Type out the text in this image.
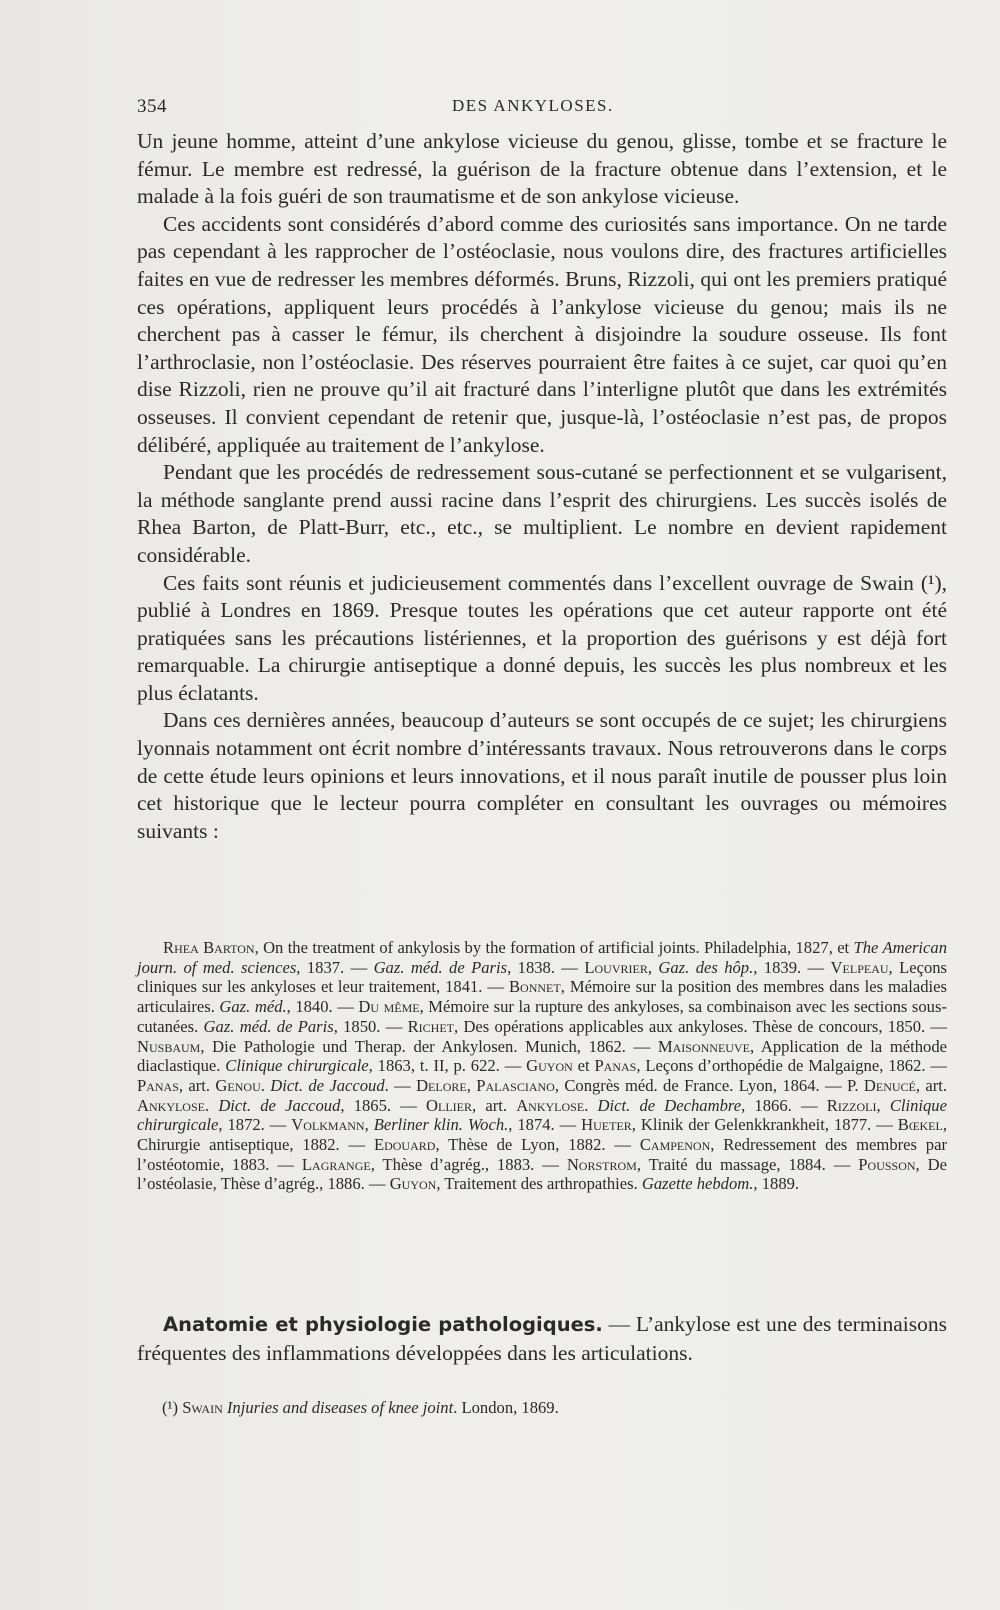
354	DES ANKYLOSES.

Un jeune homme, atteint d’une ankylose vicieuse du genou, glisse, tombe et se fracture le fémur. Le membre est redressé, la guérison de la fracture obtenue dans l’extension, et le malade à la fois guéri de son traumatisme et de son ankylose vicieuse.

Ces accidents sont considérés d’abord comme des curiosités sans importance. On ne tarde pas cependant à les rapprocher de l’ostéoclasie, nous voulons dire, des fractures artificielles faites en vue de redresser les membres déformés. Bruns, Rizzoli, qui ont les premiers pratiqué ces opérations, appliquent leurs procédés à l’ankylose vicieuse du genou; mais ils ne cherchent pas à casser le fémur, ils cherchent à disjoindre la soudure osseuse. Ils font l’arthroclasie, non l’ostéoclasie. Des réserves pourraient être faites à ce sujet, car quoi qu’en dise Rizzoli, rien ne prouve qu’il ait fracturé dans l’interligne plutôt que dans les extrémités osseuses. Il convient cependant de retenir que, jusque-là, l’ostéoclasie n’est pas, de propos délibéré, appliquée au traitement de l’ankylose.

Pendant que les procédés de redressement sous-cutané se perfectionnent et se vulgarisent, la méthode sanglante prend aussi racine dans l’esprit des chirurgiens. Les succès isolés de Rhea Barton, de Platt-Burr, etc., etc., se multiplient. Le nombre en devient rapidement considérable.

Ces faits sont réunis et judicieusement commentés dans l’excellent ouvrage de Swain (¹), publié à Londres en 1869. Presque toutes les opérations que cet auteur rapporte ont été pratiquées sans les précautions listériennes, et la proportion des guérisons y est déjà fort remarquable. La chirurgie antiseptique a donné depuis, les succès les plus nombreux et les plus éclatants.

Dans ces dernières années, beaucoup d’auteurs se sont occupés de ce sujet; les chirurgiens lyonnais notamment ont écrit nombre d’intéressants travaux. Nous retrouverons dans le corps de cette étude leurs opinions et leurs innovations, et il nous paraît inutile de pousser plus loin cet historique que le lecteur pourra compléter en consultant les ouvrages ou mémoires suivants :

Rhea Barton, On the treatment of ankylosis by the formation of artificial joints. Philadelphia, 1827, et The American journ. of med. sciences, 1837. — Gaz. méd. de Paris, 1838. — Louvrier, Gaz. des hôp., 1839. — Velpeau, Leçons cliniques sur les ankyloses et leur traitement, 1841. — Bonnet, Mémoire sur la position des membres dans les maladies articulaires. Gaz. méd., 1840. — Du même, Mémoire sur la rupture des ankyloses, sa combinaison avec les sections sous-cutanées. Gaz. méd. de Paris, 1850. — Richet, Des opérations applicables aux ankyloses. Thèse de concours, 1850. — Nusbaum, Die Pathologie und Therap. der Ankylosen. Munich, 1862. — Maisonneuve, Application de la méthode diaclastique. Clinique chirurgicale, 1863, t. II, p. 622. — Guyon et Panas, Leçons d’orthopédie de Malgaigne, 1862. — Panas, art. Genou. Dict. de Jaccoud. — Delore, Palasciano, Congrès méd. de France. Lyon, 1864. — P. Denucé, art. Ankylose. Dict. de Jaccoud, 1865. — Ollier, art. Ankylose. Dict. de Dechambre, 1866. — Rizzoli, Clinique chirurgicale, 1872. — Volkmann, Berliner klin. Woch., 1874. — Hueter, Klinik der Gelenkkrankheit, 1877. — Bœkel, Chirurgie antiseptique, 1882. — Edouard, Thèse de Lyon, 1882. — Campenon, Redressement des membres par l’ostéotomie, 1883. — Lagrange, Thèse d’agrég., 1883. — Norstrom, Traité du massage, 1884. — Pousson, De l’ostéolasie, Thèse d’agrég., 1886. — Guyon, Traitement des arthropathies. Gazette hebdom., 1889.

Anatomie et physiologie pathologiques. — L’ankylose est une des terminaisons fréquentes des inflammations développées dans les articulations.

(¹) Swain Injuries and diseases of knee joint. London, 1869.
